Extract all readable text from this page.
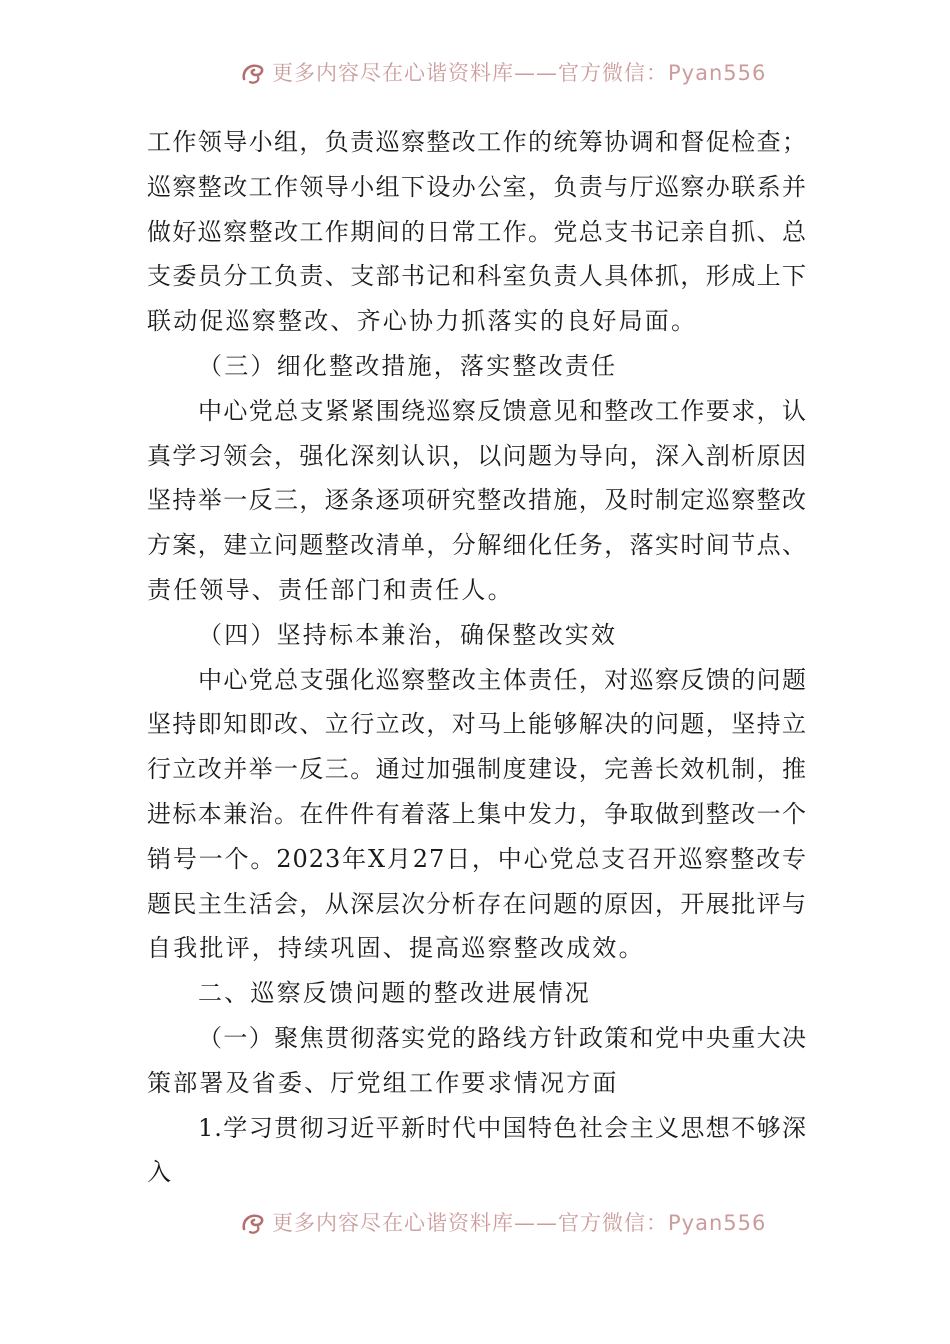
更多内容尽在心谐资料库——官方微信：Pyan556
工作领导小组，负责巡察整改工作的统筹协调和督促检查；
巡察整改工作领导小组下设办公室，负责与厅巡察办联系并
做好巡察整改工作期间的日常工作。党总支书记亲自抓、总
支委员分工负责、支部书记和科室负责人具体抓，形成上下
联动促巡察整改、齐心协力抓落实的良好局面。
（三）细化整改措施，落实整改责任
中心党总支紧紧围绕巡察反馈意见和整改工作要求，认
真学习领会，强化深刻认识，以问题为导向，深入剖析原因
坚持举一反三，逐条逐项研究整改措施，及时制定巡察整改
方案，建立问题整改清单，分解细化任务，落实时间节点、
责任领导、责任部门和责任人。
（四）坚持标本兼治，确保整改实效
中心党总支强化巡察整改主体责任，对巡察反馈的问题
坚持即知即改、立行立改，对马上能够解决的问题，坚持立
行立改并举一反三。通过加强制度建设，完善长效机制，推
进标本兼治。在件件有着落上集中发力，争取做到整改一个
销号一个。2023年X月27日，中心党总支召开巡察整改专
题民主生活会，从深层次分析存在问题的原因，开展批评与
自我批评，持续巩固、提高巡察整改成效。
二、巡察反馈问题的整改进展情况
（一）聚焦贯彻落实党的路线方针政策和党中央重大决
策部署及省委、厅党组工作要求情况方面
1.学习贯彻习近平新时代中国特色社会主义思想不够深
入
更多内容尽在心谐资料库——官方微信：Pyan556
